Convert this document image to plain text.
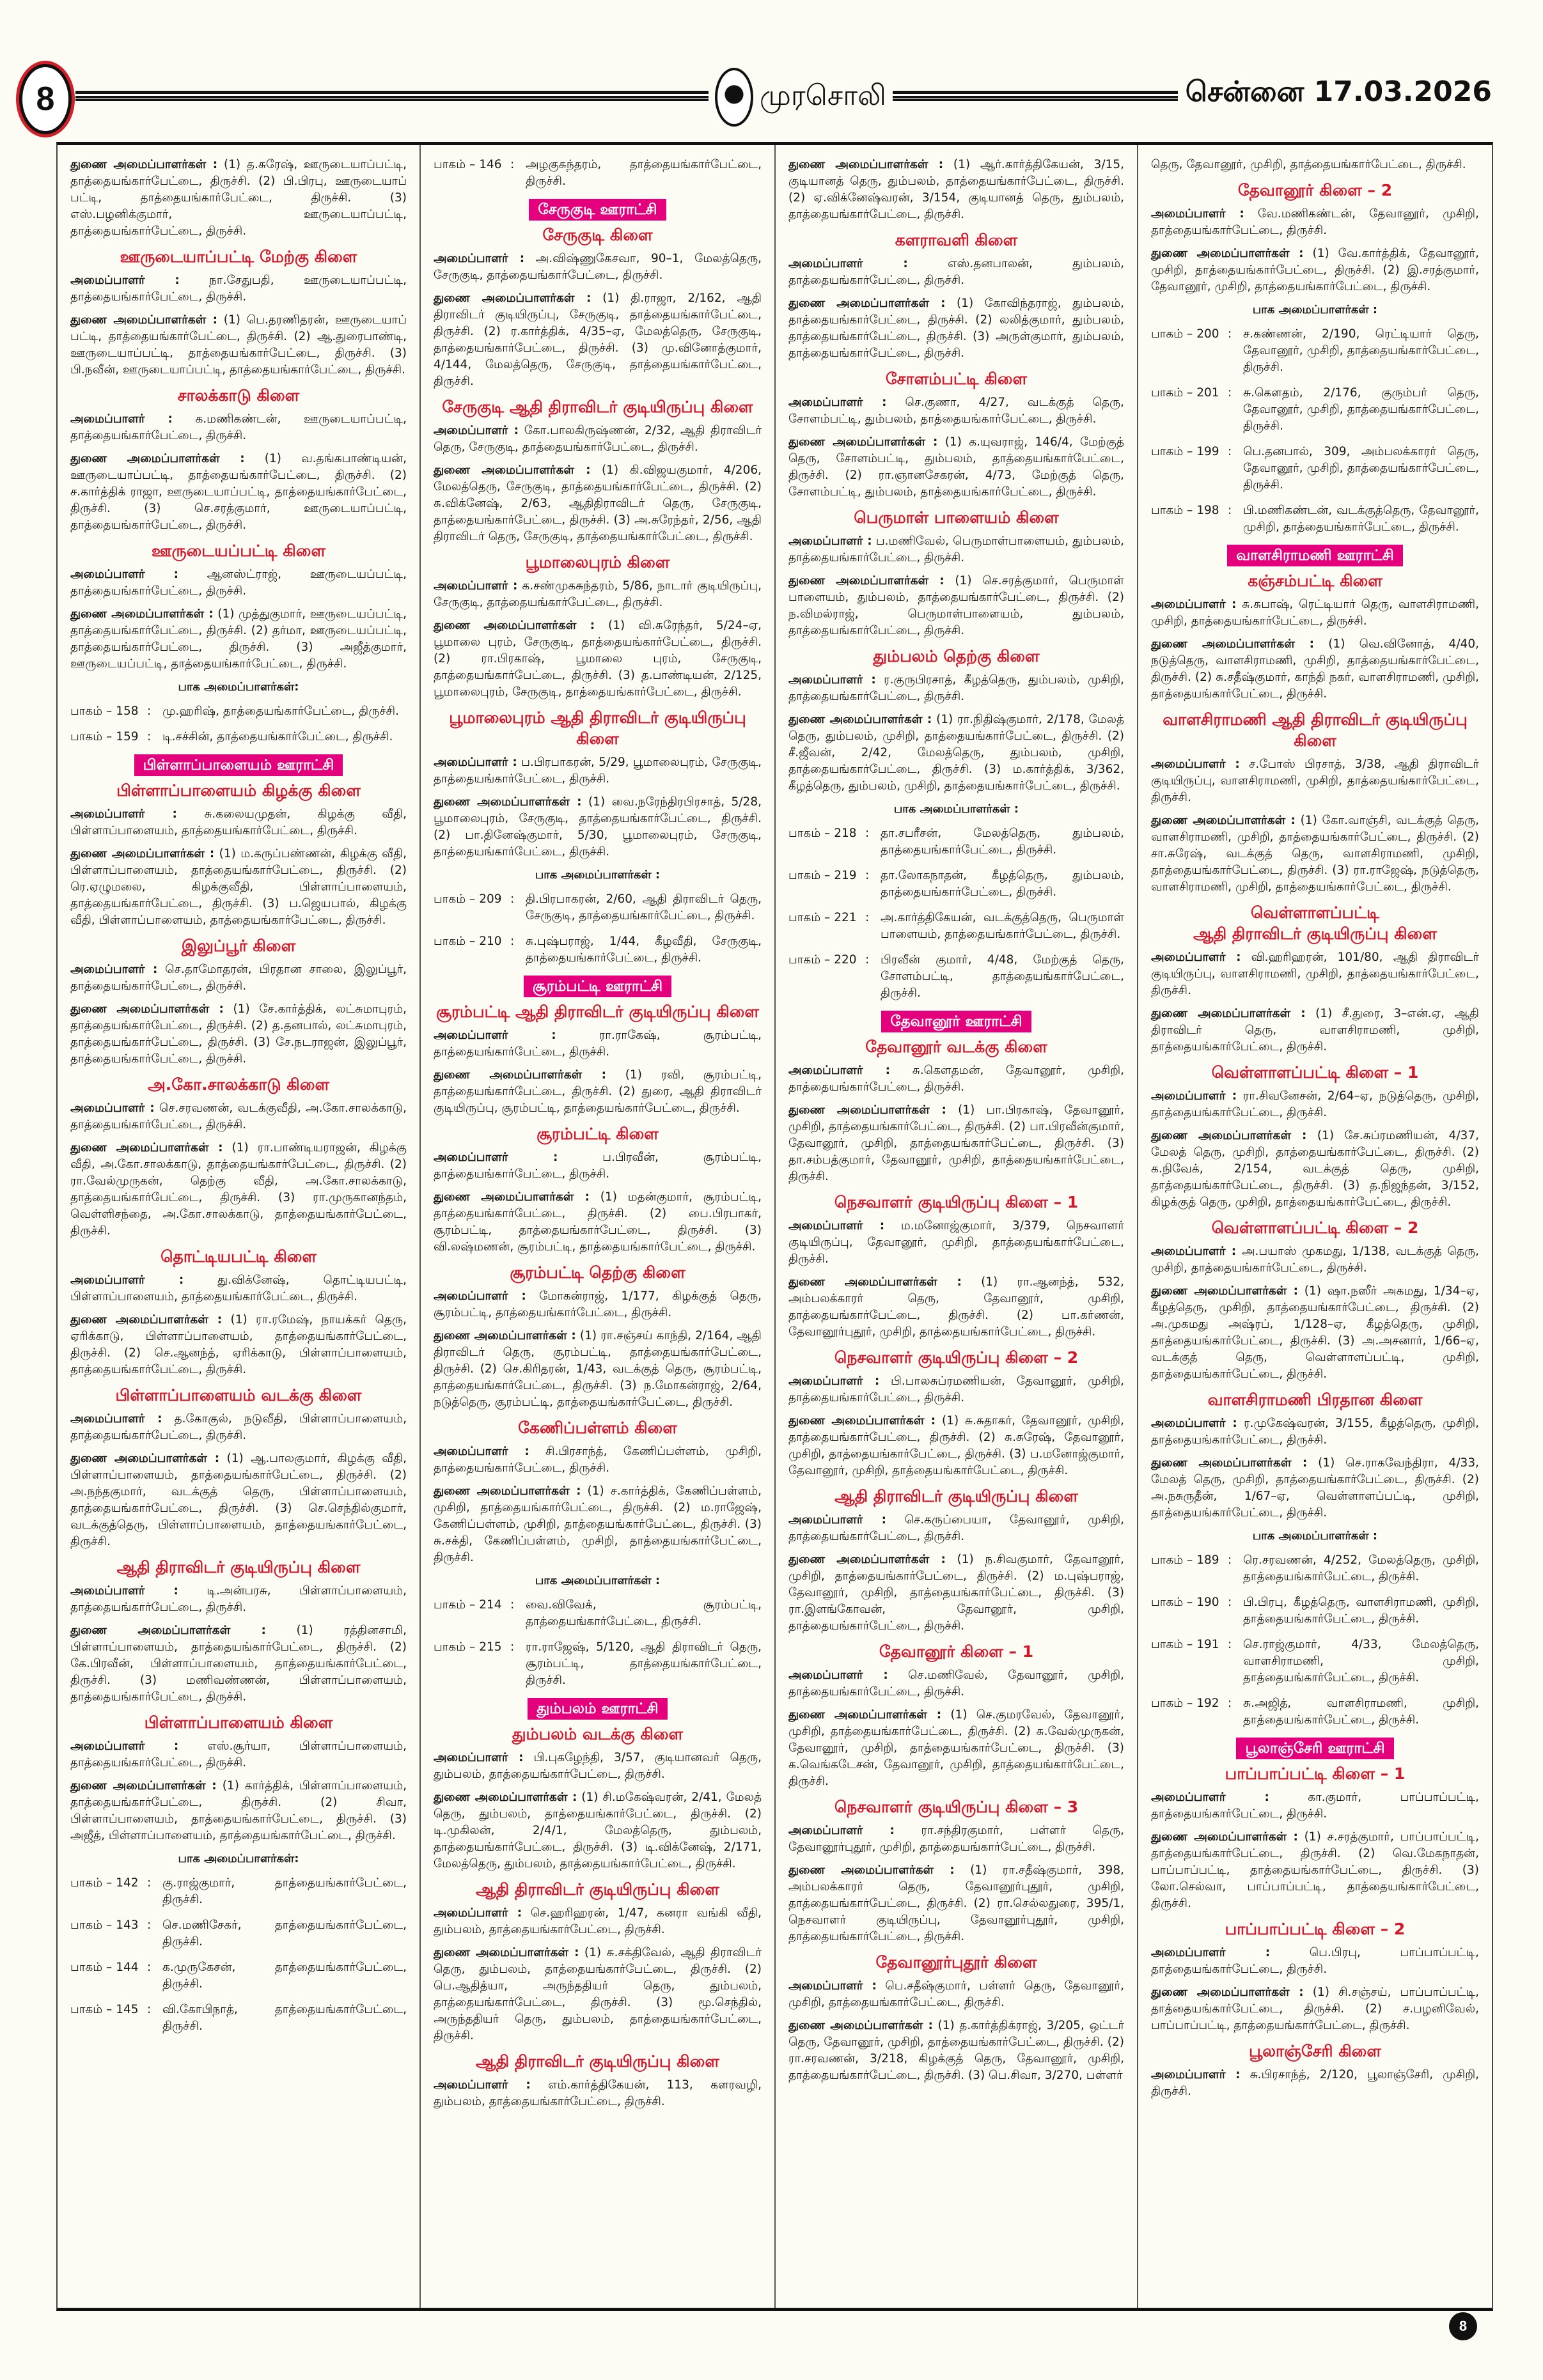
8	முரசொலி	சென்னை 17.03.2026

துணை அமைப்பாளர்கள் : (1) த.சுரேஷ், ஊருடையாப்பட்டி, தாத்தையங்கார்பேட்டை, திருச்சி. (2) பி.பிரபு, ஊருடையாப் பட்டி, தாத்தையங்கார்பேட்டை, திருச்சி. (3) எஸ்.பழனிக்குமார், ஊருடையாப்பட்டி, தாத்தையங்கார்பேட்டை, திருச்சி.

ஊருடையாப்பட்டி மேற்கு கிளை

அமைப்பாளர் :	நா.சேதுபதி, ஊருடையாப்பட்டி, தாத்தையங்கார்பேட்டை, திருச்சி.

துணை அமைப்பாளர்கள் : (1) பெ.தரணிதரன், ஊருடையாப் பட்டி, தாத்தையங்கார்பேட்டை, திருச்சி. (2) ஆ.துரைபாண்டி, ஊருடையாப்பட்டி, தாத்தையங்கார்பேட்டை, திருச்சி. (3) பி.நவீன், ஊருடையாப்பட்டி, தாத்தையங்கார்பேட்டை, திருச்சி.

சாலக்காடு கிளை

அமைப்பாளர் : க.மணிகண்டன், ஊருடையாப்பட்டி, தாத்தையங்கார்பேட்டை, திருச்சி.

துணை அமைப்பாளர்கள் : (1) வ.தங்கபாண்டியன், ஊருடையாப்பட்டி, தாத்தையங்கார்பேட்டை, திருச்சி. (2) ச.கார்த்திக் ராஜா, ஊருடையாப்பட்டி, தாத்தையங்கார்பேட்டை, திருச்சி. (3) செ.சரத்குமார், ஊருடையாப்பட்டி, தாத்தையங்கார்பேட்டை, திருச்சி.

ஊருடையப்பட்டி கிளை

அமைப்பாளர் : ஆனஸ்ட்ராஜ், ஊருடையப்பட்டி, தாத்தையங்கார்பேட்டை, திருச்சி.

துணை அமைப்பாளர்கள் : (1) முத்துகுமார், ஊருடையப்பட்டி, தாத்தையங்கார்பேட்டை, திருச்சி. (2) தர்மா, ஊருடையப்பட்டி, தாத்தையங்கார்பேட்டை, திருச்சி. (3) அஜீத்குமார், ஊருடையப்பட்டி, தாத்தையங்கார்பேட்டை, திருச்சி.

பாக அமைப்பாளர்கள்:
பாகம் – 158 : மு.ஹரிஷ், தாத்தையங்கார்பேட்டை, திருச்சி.
பாகம் – 159 : டி.சச்சின், தாத்தையங்கார்பேட்டை, திருச்சி.
பிள்ளாப்பாளையம் ஊராட்சி
பிள்ளாப்பாளையம் கிழக்கு கிளை

அமைப்பாளர் : சு.கலையமுதன், கிழக்கு வீதி, பிள்ளாப்பாளையம், தாத்தையங்கார்பேட்டை, திருச்சி.

துணை அமைப்பாளர்கள் : (1) ம.கருப்பண்ணன், கிழக்கு வீதி, பிள்ளாப்பாளையம், தாத்தையங்கார்பேட்டை, திருச்சி. (2) ரெ.ஏழுமலை, கிழக்குவீதி, பிள்ளாப்பாளையம், தாத்தையங்கார்பேட்டை, திருச்சி. (3) ப.ஜெயபால், கிழக்கு வீதி, பிள்ளாப்பாளையம், தாத்தையங்கார்பேட்டை, திருச்சி.

இலுப்பூர் கிளை

அமைப்பாளர் : செ.தாமோதரன், பிரதான சாலை, இலுப்பூர், தாத்தையங்கார்பேட்டை, திருச்சி.

துணை அமைப்பாளர்கள் : (1) சே.கார்த்திக், லட்சுமாபுரம், தாத்தையங்கார்பேட்டை, திருச்சி. (2) த.தனபால், லட்சுமாபுரம், தாத்தையங்கார்பேட்டை, திருச்சி. (3) சே.நடராஜன், இலுப்பூர், தாத்தையங்கார்பேட்டை, திருச்சி.

அ.கோ.சாலக்காடு கிளை

அமைப்பாளர் : செ.சரவணன், வடக்குவீதி, அ.கோ.சாலக்காடு, தாத்தையங்கார்பேட்டை, திருச்சி.

துணை அமைப்பாளர்கள் : (1) ரா.பாண்டியராஜன், கிழக்கு வீதி, அ.கோ.சாலக்காடு, தாத்தையங்கார்பேட்டை, திருச்சி. (2) ரா.வேல்முருகன், தெற்கு வீதி, அ.கோ.சாலக்காடு, தாத்தையங்கார்பேட்டை, திருச்சி. (3) ரா.முருகானந்தம், வெள்ளிசந்தை, அ.கோ.சாலக்காடு, தாத்தையங்கார்பேட்டை, திருச்சி.

தொட்டியபட்டி கிளை

அமைப்பாளர் :	து.விக்னேஷ், தொட்டியபட்டி, பிள்ளாப்பாளையம், தாத்தையங்கார்பேட்டை, திருச்சி.

துணை அமைப்பாளர்கள் : (1) ரா.ரமேஷ், நாயக்கர் தெரு, ஏரிக்காடு, பிள்ளாப்பாளையம், தாத்தையங்கார்பேட்டை, திருச்சி. (2) செ.ஆனந்த், ஏரிக்காடு, பிள்ளாப்பாளையம், தாத்தையங்கார்பேட்டை, திருச்சி.

பிள்ளாப்பாளையம் வடக்கு கிளை

அமைப்பாளர் : த.கோகுல், நடுவீதி, பிள்ளாப்பாளையம், தாத்தையங்கார்பேட்டை, திருச்சி.

துணை அமைப்பாளர்கள் : (1) ஆ.பாலகுமார், கிழக்கு வீதி, பிள்ளாப்பாளையம், தாத்தையங்கார்பேட்டை, திருச்சி. (2) அ.நந்தகுமார், வடக்குத் தெரு, பிள்ளாப்பாளையம், தாத்தையங்கார்பேட்டை, திருச்சி. (3) செ.செந்தில்குமார், வடக்குத்தெரு, பிள்ளாப்பாளையம், தாத்தையங்கார்பேட்டை, திருச்சி.

ஆதி திராவிடர் குடியிருப்பு கிளை

அமைப்பாளர் : டி.அன்பரசு, பிள்ளாப்பாளையம், தாத்தையங்கார்பேட்டை, திருச்சி.

துணை அமைப்பாளர்கள் :	(1) ரத்தினசாமி, பிள்ளாப்பாளையம், தாத்தையங்கார்பேட்டை, திருச்சி. (2) கே.பிரவீன், பிள்ளாப்பாளையம், தாத்தையங்கார்பேட்டை, திருச்சி. (3) மணிவண்ணன், பிள்ளாப்பாளையம், தாத்தையங்கார்பேட்டை, திருச்சி.

பிள்ளாப்பாளையம் கிளை

அமைப்பாளர் : எஸ்.சூர்யா, பிள்ளாப்பாளையம், தாத்தையங்கார்பேட்டை, திருச்சி.

துணை அமைப்பாளர்கள் : (1) கார்த்திக், பிள்ளாப்பாளையம், தாத்தையங்கார்பேட்டை, திருச்சி. (2) சிவா, பிள்ளாப்பாளையம், தாத்தையங்கார்பேட்டை, திருச்சி. (3) அஜீத், பிள்ளாப்பாளையம், தாத்தையங்கார்பேட்டை, திருச்சி.

பாக அமைப்பாளர்கள்:
பாகம் – 142 : கு.ராஜ்குமார், தாத்தையங்கார்பேட்டை, திருச்சி.
பாகம் – 143 : செ.மணிசேகர், தாத்தையங்கார்பேட்டை, திருச்சி.
பாகம் – 144 : க.முருகேசன், தாத்தையங்கார்பேட்டை, திருச்சி.
பாகம் – 145 : வி.கோபிநாத், தாத்தையங்கார்பேட்டை, திருச்சி.
பாகம் – 146 : அழகுசுந்தரம், தாத்தையங்கார்பேட்டை, திருச்சி.
சேருகுடி ஊராட்சி
சேருகுடி கிளை

அமைப்பாளர் : அ.விஷ்ணுகேசவா, 90–1, மேலத்தெரு, சேருகுடி, தாத்தையங்கார்பேட்டை, திருச்சி.

துணை அமைப்பாளர்கள் : (1) தி.ராஜா, 2/162, ஆதி திராவிடர் குடியிருப்பு, சேருகுடி, தாத்தையங்கார்பேட்டை, திருச்சி. (2) ர.கார்த்திக், 4/35–ஏ, மேலத்தெரு, சேருகுடி, தாத்தையங்கார்பேட்டை, திருச்சி. (3) மு.வினோத்குமார், 4/144, மேலத்தெரு, சேருகுடி, தாத்தையங்கார்பேட்டை, திருச்சி.

சேருகுடி ஆதி திராவிடர் குடியிருப்பு கிளை

அமைப்பாளர் : கோ.பாலகிருஷ்ணன், 2/32, ஆதி திராவிடர் தெரு, சேருகுடி, தாத்தையங்கார்பேட்டை, திருச்சி.

துணை அமைப்பாளர்கள் : (1) கி.விஜயகுமார், 4/206, மேலத்தெரு, சேருகுடி, தாத்தையங்கார்பேட்டை, திருச்சி. (2) சு.விக்னேஷ், 2/63, ஆதிதிராவிடர் தெரு, சேருகுடி, தாத்தையங்கார்பேட்டை, திருச்சி. (3) அ.சுரேந்தர், 2/56, ஆதி திராவிடர் தெரு, சேருகுடி, தாத்தையங்கார்பேட்டை, திருச்சி.

பூமாலைபுரம் கிளை

அமைப்பாளர் : க.சண்முகசுந்தரம், 5/86, நாடார் குடியிருப்பு, சேருகுடி, தாத்தையங்கார்பேட்டை, திருச்சி.

துணை அமைப்பாளர்கள் : (1) வி.சுரேந்தர், 5/24–ஏ, பூமாலை புரம், சேருகுடி, தாத்தையங்கார்பேட்டை, திருச்சி. (2) ரா.பிரகாஷ், பூமாலை புரம், சேருகுடி, தாத்தையங்கார்பேட்டை, திருச்சி. (3) த.பாண்டியன், 2/125, பூமாலைபுரம், சேருகுடி, தாத்தையங்கார்பேட்டை, திருச்சி.

பூமாலைபுரம் ஆதி திராவிடர் குடியிருப்பு கிளை

அமைப்பாளர் : ப.பிரபாகரன், 5/29, பூமாலைபுரம், சேருகுடி, தாத்தையங்கார்பேட்டை, திருச்சி.

துணை அமைப்பாளர்கள் : (1) வை.நரேந்திரபிரசாத், 5/28, பூமாலைபுரம், சேருகுடி, தாத்தையங்கார்பேட்டை, திருச்சி. (2) பா.தினேஷ்குமார், 5/30, பூமாலைபுரம், சேருகுடி, தாத்தையங்கார்பேட்டை, திருச்சி.

பாக அமைப்பாளர்கள் :
பாகம் – 209 : தி.பிரபாகரன், 2/60, ஆதி திராவிடர் தெரு, சேருகுடி, தாத்தையங்கார்பேட்டை, திருச்சி.
பாகம் – 210 : சு.புஷ்பராஜ், 1/44, கீழவீதி, சேருகுடி, தாத்தையங்கார்பேட்டை, திருச்சி.
சூரம்பட்டி ஊராட்சி
சூரம்பட்டி ஆதி திராவிடர் குடியிருப்பு கிளை

அமைப்பாளர் :	ரா.ராகேஷ், சூரம்பட்டி, தாத்தையங்கார்பேட்டை, திருச்சி.

துணை அமைப்பாளர்கள் : (1) ரவி, சூரம்பட்டி, தாத்தையங்கார்பேட்டை, திருச்சி. (2) துரை, ஆதி திராவிடர் குடியிருப்பு, சூரம்பட்டி, தாத்தையங்கார்பேட்டை, திருச்சி.

சூரம்பட்டி கிளை

அமைப்பாளர் :	ப.பிரவீன், சூரம்பட்டி, தாத்தையங்கார்பேட்டை, திருச்சி.

துணை அமைப்பாளர்கள் : (1) மதன்குமார், சூரம்பட்டி, தாத்தையங்கார்பேட்டை, திருச்சி. (2) பை.பிரபாகர், சூரம்பட்டி, தாத்தையங்கார்பேட்டை, திருச்சி. (3) வி.லஷ்மணன், சூரம்பட்டி, தாத்தையங்கார்பேட்டை, திருச்சி.

சூரம்பட்டி தெற்கு கிளை

அமைப்பாளர் : மோகன்ராஜ், 1/177, கிழக்குத் தெரு, சூரம்பட்டி, தாத்தையங்கார்பேட்டை, திருச்சி.

துணை அமைப்பாளர்கள் : (1) ரா.சஞ்சய் காந்தி, 2/164, ஆதி திராவிடர் தெரு, சூரம்பட்டி, தாத்தையங்கார்பேட்டை, திருச்சி. (2) செ.கிரிதரன், 1/43, வடக்குத் தெரு, சூரம்பட்டி, தாத்தையங்கார்பேட்டை, திருச்சி. (3) ந.மோகன்ராஜ், 2/64, நடுத்தெரு, சூரம்பட்டி, தாத்தையங்கார்பேட்டை, திருச்சி.

கேணிப்பள்ளம் கிளை

அமைப்பாளர் : சி.பிரசாந்த், கேணிப்பள்ளம், முசிறி, தாத்தையங்கார்பேட்டை, திருச்சி.

துணை அமைப்பாளர்கள் : (1) ச.கார்த்திக், கேணிப்பள்ளம், முசிறி, தாத்தையங்கார்பேட்டை, திருச்சி. (2) ம.ராஜேஷ், கேணிப்பள்ளம், முசிறி, தாத்தையங்கார்பேட்டை, திருச்சி. (3) சு.சக்தி, கேணிப்பள்ளம், முசிறி, தாத்தையங்கார்பேட்டை, திருச்சி.

பாக அமைப்பாளர்கள் :
பாகம் – 214 : வை.விவேக், சூரம்பட்டி, தாத்தையங்கார்பேட்டை, திருச்சி.
பாகம் – 215 : ரா.ராஜேஷ், 5/120, ஆதி திராவிடர் தெரு, சூரம்பட்டி, தாத்தையங்கார்பேட்டை, திருச்சி.
தும்பலம் ஊராட்சி
தும்பலம் வடக்கு கிளை

அமைப்பாளர் : பி.புகழேந்தி, 3/57, குடியானவர் தெரு, தும்பலம், தாத்தையங்கார்பேட்டை, திருச்சி.

துணை அமைப்பாளர்கள் : (1) சி.மகேஷ்வரன், 2/41, மேலத் தெரு, தும்பலம், தாத்தையங்கார்பேட்டை, திருச்சி. (2) டி.முகிலன், 2/4/1, மேலத்தெரு, தும்பலம், தாத்தையங்கார்பேட்டை, திருச்சி. (3) டி.விக்னேஷ், 2/171, மேலத்தெரு, தும்பலம், தாத்தையங்கார்பேட்டை, திருச்சி.

ஆதி திராவிடர் குடியிருப்பு கிளை

அமைப்பாளர் : செ.ஹரிஹரன், 1/47, கனரா வங்கி வீதி, தும்பலம், தாத்தையங்கார்பேட்டை, திருச்சி.

துணை அமைப்பாளர்கள் : (1) சு.சக்திவேல், ஆதி திராவிடர் தெரு, தும்பலம், தாத்தையங்கார்பேட்டை, திருச்சி. (2) பெ.ஆதித்யா, அருந்ததியர் தெரு, தும்பலம், தாத்தையங்கார்பேட்டை, திருச்சி. (3) மூ.செந்தில், அருந்ததியர் தெரு, தும்பலம், தாத்தையங்கார்பேட்டை, திருச்சி.

ஆதி திராவிடர் குடியிருப்பு கிளை

அமைப்பாளர் : எம்.கார்த்திகேயன், 113, களரவழி, தும்பலம், தாத்தையங்கார்பேட்டை, திருச்சி.

துணை அமைப்பாளர்கள் : (1) ஆர்.கார்த்திகேயன், 3/15, குடியானத் தெரு, தும்பலம், தாத்தையங்கார்பேட்டை, திருச்சி. (2) ஏ.விக்னேஷ்வரன், 3/154, குடியானத் தெரு, தும்பலம், தாத்தையங்கார்பேட்டை, திருச்சி.

களராவளி கிளை

அமைப்பாளர் :	எஸ்.தனபாலன், தும்பலம், தாத்தையங்கார்பேட்டை, திருச்சி.

துணை அமைப்பாளர்கள் : (1) கோவிந்தராஜ், தும்பலம், தாத்தையங்கார்பேட்டை, திருச்சி. (2) லலித்குமார், தும்பலம், தாத்தையங்கார்பேட்டை, திருச்சி. (3) அருள்குமார், தும்பலம், தாத்தையங்கார்பேட்டை, திருச்சி.

சோளம்பட்டி கிளை

அமைப்பாளர் : செ.குணா, 4/27, வடக்குத் தெரு, சோளம்பட்டி, தும்பலம், தாத்தையங்கார்பேட்டை, திருச்சி.

துணை அமைப்பாளர்கள் : (1) க.யுவராஜ், 146/4, மேற்குத் தெரு, சோளம்பட்டி, தும்பலம், தாத்தையங்கார்பேட்டை, திருச்சி. (2) ரா.ஞானசேகரன், 4/73, மேற்குத் தெரு, சோளம்பட்டி, தும்பலம், தாத்தையங்கார்பேட்டை, திருச்சி.

பெருமாள் பாளையம் கிளை

அமைப்பாளர் : ப.மணிவேல், பெருமாள்பாளையம், தும்பலம், தாத்தையங்கார்பேட்டை, திருச்சி.

துணை அமைப்பாளர்கள் : (1) செ.சரத்குமார், பெருமாள் பாளையம், தும்பலம், தாத்தையங்கார்பேட்டை, திருச்சி. (2) ந.விமல்ராஜ், பெருமாள்பாளையம், தும்பலம், தாத்தையங்கார்பேட்டை, திருச்சி.

தும்பலம் தெற்கு கிளை

அமைப்பாளர் : ர.குருபிரசாத், கீழத்தெரு, தும்பலம், முசிறி, தாத்தையங்கார்பேட்டை, திருச்சி.

துணை அமைப்பாளர்கள் : (1) ரா.நிதிஷ்குமார், 2/178, மேலத் தெரு, தும்பலம், முசிறி, தாத்தையங்கார்பேட்டை, திருச்சி. (2) சீ.ஜீவன், 2/42, மேலத்தெரு, தும்பலம், முசிறி, தாத்தையங்கார்பேட்டை, திருச்சி. (3) ம.கார்த்திக், 3/362, கீழத்தெரு, தும்பலம், முசிறி, தாத்தையங்கார்பேட்டை, திருச்சி.

பாக அமைப்பாளர்கள் :
பாகம் – 218 : தா.சபரீசன், மேலத்தெரு, தும்பலம், தாத்தையங்கார்பேட்டை, திருச்சி.
பாகம் – 219 : தா.லோகநாதன், கீழத்தெரு, தும்பலம், தாத்தையங்கார்பேட்டை, திருச்சி.
பாகம் – 221 : அ.கார்த்திகேயன், வடக்குத்தெரு, பெருமாள் பாளையம், தாத்தையங்கார்பேட்டை, திருச்சி.
பாகம் – 220 : பிரவீன் குமார், 4/48, மேற்குத் தெரு, சோளம்பட்டி, தாத்தையங்கார்பேட்டை, திருச்சி.
தேவானூர் ஊராட்சி
தேவானூர் வடக்கு கிளை

அமைப்பாளர் : சு.கௌதமன், தேவானூர், முசிறி, தாத்தையங்கார்பேட்டை, திருச்சி.

துணை அமைப்பாளர்கள் : (1) பா.பிரகாஷ், தேவானூர், முசிறி, தாத்தையங்கார்பேட்டை, திருச்சி. (2) பா.பிரவீன்குமார், தேவானூர், முசிறி, தாத்தையங்கார்பேட்டை, திருச்சி. (3) தா.சம்பத்குமார், தேவானூர், முசிறி, தாத்தையங்கார்பேட்டை, திருச்சி.

நெசவாளர் குடியிருப்பு கிளை – 1

அமைப்பாளர் : ம.மனோஜ்குமார், 3/379, நெசவாளர் குடியிருப்பு, தேவானூர், முசிறி, தாத்தையங்கார்பேட்டை, திருச்சி.

துணை அமைப்பாளர்கள் : (1) ரா.ஆனந்த், 532, அம்பலக்காரர் தெரு, தேவானூர், முசிறி, தாத்தையங்கார்பேட்டை, திருச்சி. (2) பா.கர்ணன், தேவானூர்புதூர், முசிறி, தாத்தையங்கார்பேட்டை, திருச்சி.

நெசவாளர் குடியிருப்பு கிளை – 2

அமைப்பாளர் : பி.பாலசுப்ரமணியன், தேவானூர், முசிறி, தாத்தையங்கார்பேட்டை, திருச்சி.

துணை அமைப்பாளர்கள் : (1) சு.சுதாகர், தேவானூர், முசிறி, தாத்தையங்கார்பேட்டை, திருச்சி. (2) சு.சுரேஷ், தேவானூர், முசிறி, தாத்தையங்கார்பேட்டை, திருச்சி. (3) ப.மனோஜ்குமார், தேவானூர், முசிறி, தாத்தையங்கார்பேட்டை, திருச்சி.

ஆதி திராவிடர் குடியிருப்பு கிளை

அமைப்பாளர் : செ.கருப்பையா, தேவானூர், முசிறி, தாத்தையங்கார்பேட்டை, திருச்சி.

துணை அமைப்பாளர்கள் : (1) ந.சிவகுமார், தேவானூர், முசிறி, தாத்தையங்கார்பேட்டை, திருச்சி. (2) ம.புஷ்பராஜ், தேவானூர், முசிறி, தாத்தையங்கார்பேட்டை, திருச்சி. (3) ரா.இளங்கோவன், தேவானூர், முசிறி, தாத்தையங்கார்பேட்டை, திருச்சி.

தேவானூர் கிளை – 1

அமைப்பாளர் : செ.மணிவேல், தேவானூர், முசிறி, தாத்தையங்கார்பேட்டை, திருச்சி.

துணை அமைப்பாளர்கள் : (1) செ.குமரவேல், தேவானூர், முசிறி, தாத்தையங்கார்பேட்டை, திருச்சி. (2) சு.வேல்முருகன், தேவானூர், முசிறி, தாத்தையங்கார்பேட்டை, திருச்சி. (3) க.வெங்கடேசன், தேவானூர், முசிறி, தாத்தையங்கார்பேட்டை, திருச்சி.

நெசவாளர் குடியிருப்பு கிளை – 3

அமைப்பாளர் : ரா.சந்திரகுமார், பள்ளர் தெரு, தேவானூர்புதூர், முசிறி, தாத்தையங்கார்பேட்டை, திருச்சி.

துணை அமைப்பாளர்கள் : (1) ரா.சதீஷ்குமார், 398, அம்பலக்காரர் தெரு, தேவானூர்புதூர், முசிறி, தாத்தையங்கார்பேட்டை, திருச்சி. (2) ரா.செல்லதுரை, 395/1, நெசவாளர் குடியிருப்பு, தேவானூர்புதூர், முசிறி, தாத்தையங்கார்பேட்டை, திருச்சி.

தேவானூர்புதூர் கிளை

அமைப்பாளர் : பெ.சதீஷ்குமார், பள்ளர் தெரு, தேவானூர், முசிறி, தாத்தையங்கார்பேட்டை, திருச்சி.

துணை அமைப்பாளர்கள் : (1) த.கார்த்திக்ராஜ், 3/205, ஒட்டர் தெரு, தேவானூர், முசிறி, தாத்தையங்கார்பேட்டை, திருச்சி. (2) ரா.சரவணன், 3/218, கிழக்குத் தெரு, தேவானூர், முசிறி, தாத்தையங்கார்பேட்டை, திருச்சி. (3) பெ.சிவா, 3/270, பள்ளர்

தெரு, தேவானூர், முசிறி, தாத்தையங்கார்பேட்டை, திருச்சி.

தேவானூர் கிளை – 2

அமைப்பாளர் : வே.மணிகண்டன், தேவானூர், முசிறி, தாத்தையங்கார்பேட்டை, திருச்சி.

துணை அமைப்பாளர்கள் : (1) வே.கார்த்திக், தேவானூர், முசிறி, தாத்தையங்கார்பேட்டை, திருச்சி. (2) இ.சரத்குமார், தேவானூர், முசிறி, தாத்தையங்கார்பேட்டை, திருச்சி.

பாக அமைப்பாளர்கள் :
பாகம் – 200 : ச.கண்ணன், 2/190, ரெட்டியார் தெரு, தேவானூர், முசிறி, தாத்தையங்கார்பேட்டை, திருச்சி.
பாகம் – 201 : சு.கௌதம், 2/176, குரும்பர் தெரு, தேவானூர், முசிறி, தாத்தையங்கார்பேட்டை, திருச்சி.
பாகம் – 199 : பெ.தனபால், 309, அம்பலக்காரர் தெரு, தேவானூர், முசிறி, தாத்தையங்கார்பேட்டை, திருச்சி.
பாகம் – 198 : பி.மணிகண்டன், வடக்குத்தெரு, தேவானூர், முசிறி, தாத்தையங்கார்பேட்டை, திருச்சி.
வாளசிராமணி ஊராட்சி
கஞ்சம்பட்டி கிளை

அமைப்பாளர் : சு.சுபாஷ், ரெட்டியார் தெரு, வாளசிராமணி, முசிறி, தாத்தையங்கார்பேட்டை, திருச்சி.

துணை அமைப்பாளர்கள் : (1) வெ.வினோத், 4/40, நடுத்தெரு, வாளசிராமணி, முசிறி, தாத்தையங்கார்பேட்டை, திருச்சி. (2) சு.சதீஷ்குமார், காந்தி நகர், வாளசிராமணி, முசிறி, தாத்தையங்கார்பேட்டை, திருச்சி.

வாளசிராமணி ஆதி திராவிடர் குடியிருப்பு கிளை

அமைப்பாளர் : ச.போஸ் பிரசாத், 3/38, ஆதி திராவிடர் குடியிருப்பு, வாளசிராமணி, முசிறி, தாத்தையங்கார்பேட்டை, திருச்சி.

துணை அமைப்பாளர்கள் : (1) கோ.வாஞ்சி, வடக்குத் தெரு, வாளசிராமணி, முசிறி, தாத்தையங்கார்பேட்டை, திருச்சி. (2) சா.சுரேஷ், வடக்குத் தெரு, வாளசிராமணி, முசிறி, தாத்தையங்கார்பேட்டை, திருச்சி. (3) ரா.ராஜேஷ், நடுத்தெரு, வாளசிராமணி, முசிறி, தாத்தையங்கார்பேட்டை, திருச்சி.

வெள்ளாளப்பட்டி
ஆதி திராவிடர் குடியிருப்பு கிளை

அமைப்பாளர் : வி.ஹரிஹரன், 101/80, ஆதி திராவிடர் குடியிருப்பு, வாளசிராமணி, முசிறி, தாத்தையங்கார்பேட்டை, திருச்சி.

துணை அமைப்பாளர்கள் : (1) சீ.துரை, 3–என்.ஏ, ஆதி திராவிடர் தெரு, வாளசிராமணி, முசிறி, தாத்தையங்கார்பேட்டை, திருச்சி.

வெள்ளாளப்பட்டி கிளை – 1

அமைப்பாளர் : ரா.சிவனேசன், 2/64–ஏ, நடுத்தெரு, முசிறி, தாத்தையங்கார்பேட்டை, திருச்சி.

துணை அமைப்பாளர்கள் : (1) சே.சுப்ரமணியன், 4/37, மேலத் தெரு, முசிறி, தாத்தையங்கார்பேட்டை, திருச்சி. (2) க.நிவேக், 2/154, வடக்குத் தெரு, முசிறி, தாத்தையங்கார்பேட்டை, திருச்சி. (3) த.நிஜந்தன், 3/152, கிழக்குத் தெரு, முசிறி, தாத்தையங்கார்பேட்டை, திருச்சி.

வெள்ளாளப்பட்டி கிளை – 2

அமைப்பாளர் : அ.பயாஸ் முகமது, 1/138, வடக்குத் தெரு, முசிறி, தாத்தையங்கார்பேட்டை, திருச்சி.

துணை அமைப்பாளர்கள் : (1) ஷா.நஸீர் அகமது, 1/34–ஏ, கீழத்தெரு, முசிறி, தாத்தையங்கார்பேட்டை, திருச்சி. (2) அ.முகமது அஷ்ரப், 1/128–ஏ, கீழத்தெரு, முசிறி, தாத்தையங்கார்பேட்டை, திருச்சி. (3) அ.அசனார், 1/66–ஏ, வடக்குத் தெரு, வெள்ளாளப்பட்டி, முசிறி, தாத்தையங்கார்பேட்டை, திருச்சி.

வாளசிராமணி பிரதான கிளை

அமைப்பாளர் : ர.முகேஷ்வரன், 3/155, கீழத்தெரு, முசிறி, தாத்தையங்கார்பேட்டை, திருச்சி.

துணை அமைப்பாளர்கள் : (1) செ.ராகவேந்திரா, 4/33, மேலத் தெரு, முசிறி, தாத்தையங்கார்பேட்டை, திருச்சி. (2) அ.நசுருதீன், 1/67–ஏ, வெள்ளாளப்பட்டி, முசிறி, தாத்தையங்கார்பேட்டை, திருச்சி.

பாக அமைப்பாளர்கள் :
பாகம் – 189 : ரெ.சரவணன், 4/252, மேலத்தெரு, முசிறி, தாத்தையங்கார்பேட்டை, திருச்சி.
பாகம் – 190 : பி.பிரபு, கீழத்தெரு, வாளசிராமணி, முசிறி, தாத்தையங்கார்பேட்டை, திருச்சி.
பாகம் – 191 : செ.ராஜ்குமார், 4/33, மேலத்தெரு, வாளசிராமணி, முசிறி, தாத்தையங்கார்பேட்டை, திருச்சி.
பாகம் – 192 : சு.அஜித், வாளசிராமணி, முசிறி, தாத்தையங்கார்பேட்டை, திருச்சி.
பூலாஞ்சேரி ஊராட்சி
பாப்பாப்பட்டி கிளை – 1

அமைப்பாளர் :	கா.குமார், பாப்பாப்பட்டி, தாத்தையங்கார்பேட்டை, திருச்சி.

துணை அமைப்பாளர்கள் : (1) ச.சரத்குமார், பாப்பாப்பட்டி, தாத்தையங்கார்பேட்டை, திருச்சி. (2) வெ.மேகநாதன், பாப்பாப்பட்டி, தாத்தையங்கார்பேட்டை, திருச்சி. (3) லோ.செல்வா, பாப்பாப்பட்டி, தாத்தையங்கார்பேட்டை, திருச்சி.

பாப்பாப்பட்டி கிளை – 2

அமைப்பாளர் :	பெ.பிரபு, பாப்பாப்பட்டி, தாத்தையங்கார்பேட்டை, திருச்சி.

துணை அமைப்பாளர்கள் : (1) சி.சஞ்சய், பாப்பாப்பட்டி, தாத்தையங்கார்பேட்டை, திருச்சி. (2) ச.பழனிவேல், பாப்பாப்பட்டி, தாத்தையங்கார்பேட்டை, திருச்சி.

பூலாஞ்சேரி கிளை

அமைப்பாளர் : சு.பிரசாந்த், 2/120, பூலாஞ்சேரி, முசிறி, திருச்சி.

8
